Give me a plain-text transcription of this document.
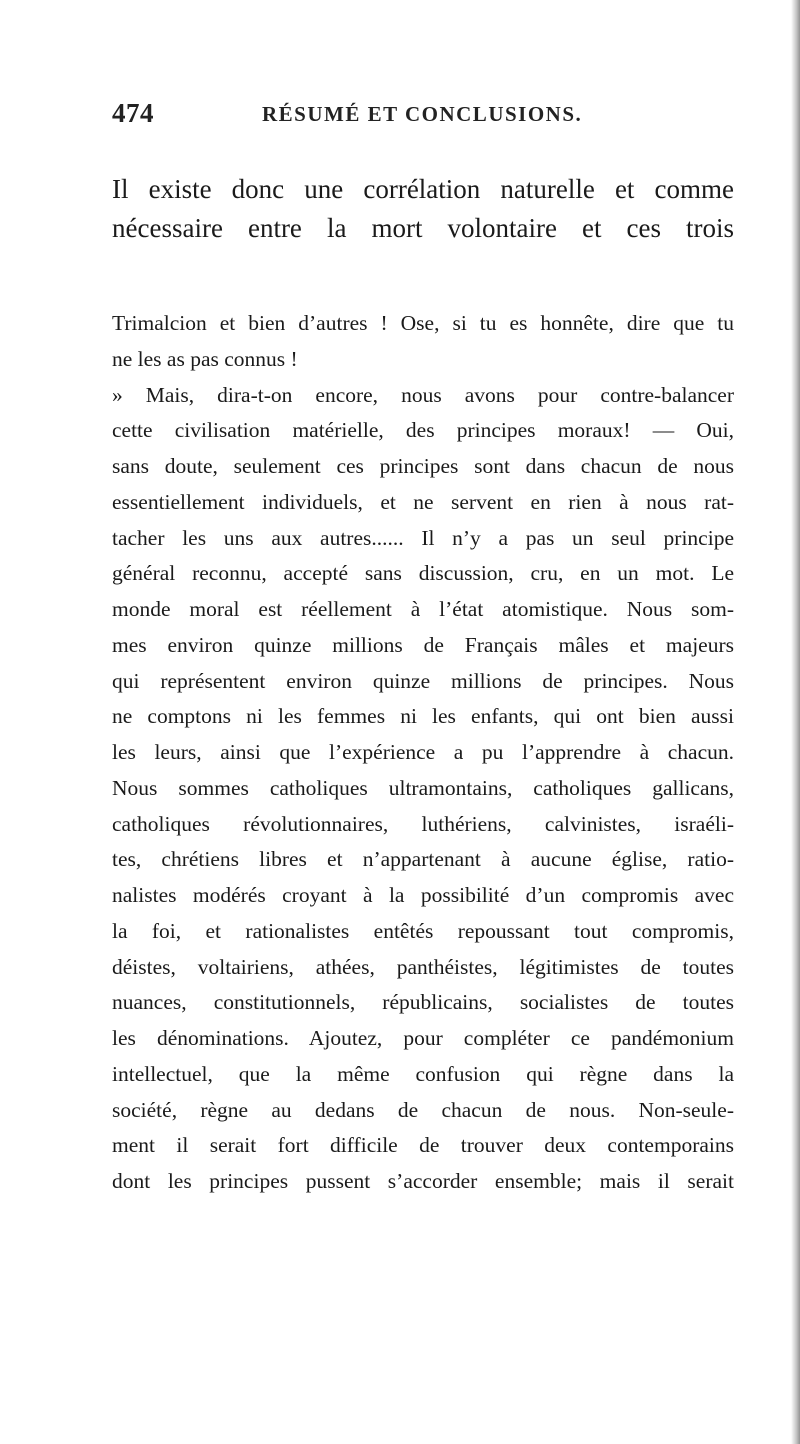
474	RÉSUMÉ ET CONCLUSIONS.
Il existe donc une corrélation naturelle et comme
nécessaire entre la mort volontaire et ces trois
Trimalcion et bien d’autres ! Ose, si tu es honnête, dire que tu
ne les as pas connus !
» Mais, dira-t-on encore, nous avons pour contre-balancer
cette civilisation matérielle, des principes moraux! — Oui,
sans doute, seulement ces principes sont dans chacun de nous
essentiellement individuels, et ne servent en rien à nous rat-
tacher les uns aux autres...... Il n’y a pas un seul principe
général reconnu, accepté sans discussion, cru, en un mot. Le
monde moral est réellement à l’état atomistique. Nous som-
mes environ quinze millions de Français mâles et majeurs
qui représentent environ quinze millions de principes. Nous
ne comptons ni les femmes ni les enfants, qui ont bien aussi
les leurs, ainsi que l’expérience a pu l’apprendre à chacun.
Nous sommes catholiques ultramontains, catholiques gallicans,
catholiques révolutionnaires, luthériens, calvinistes, israéli-
tes, chrétiens libres et n’appartenant à aucune église, ratio-
nalistes modérés croyant à la possibilité d’un compromis avec
la foi, et rationalistes entêtés repoussant tout compromis,
déistes, voltairiens, athées, panthéistes, légitimistes de toutes
nuances, constitutionnels, républicains, socialistes de toutes
les dénominations. Ajoutez, pour compléter ce pandémonium
intellectuel, que la même confusion qui règne dans la
société, règne au dedans de chacun de nous. Non-seule-
ment il serait fort difficile de trouver deux contemporains
dont les principes pussent s’accorder ensemble; mais il serait
